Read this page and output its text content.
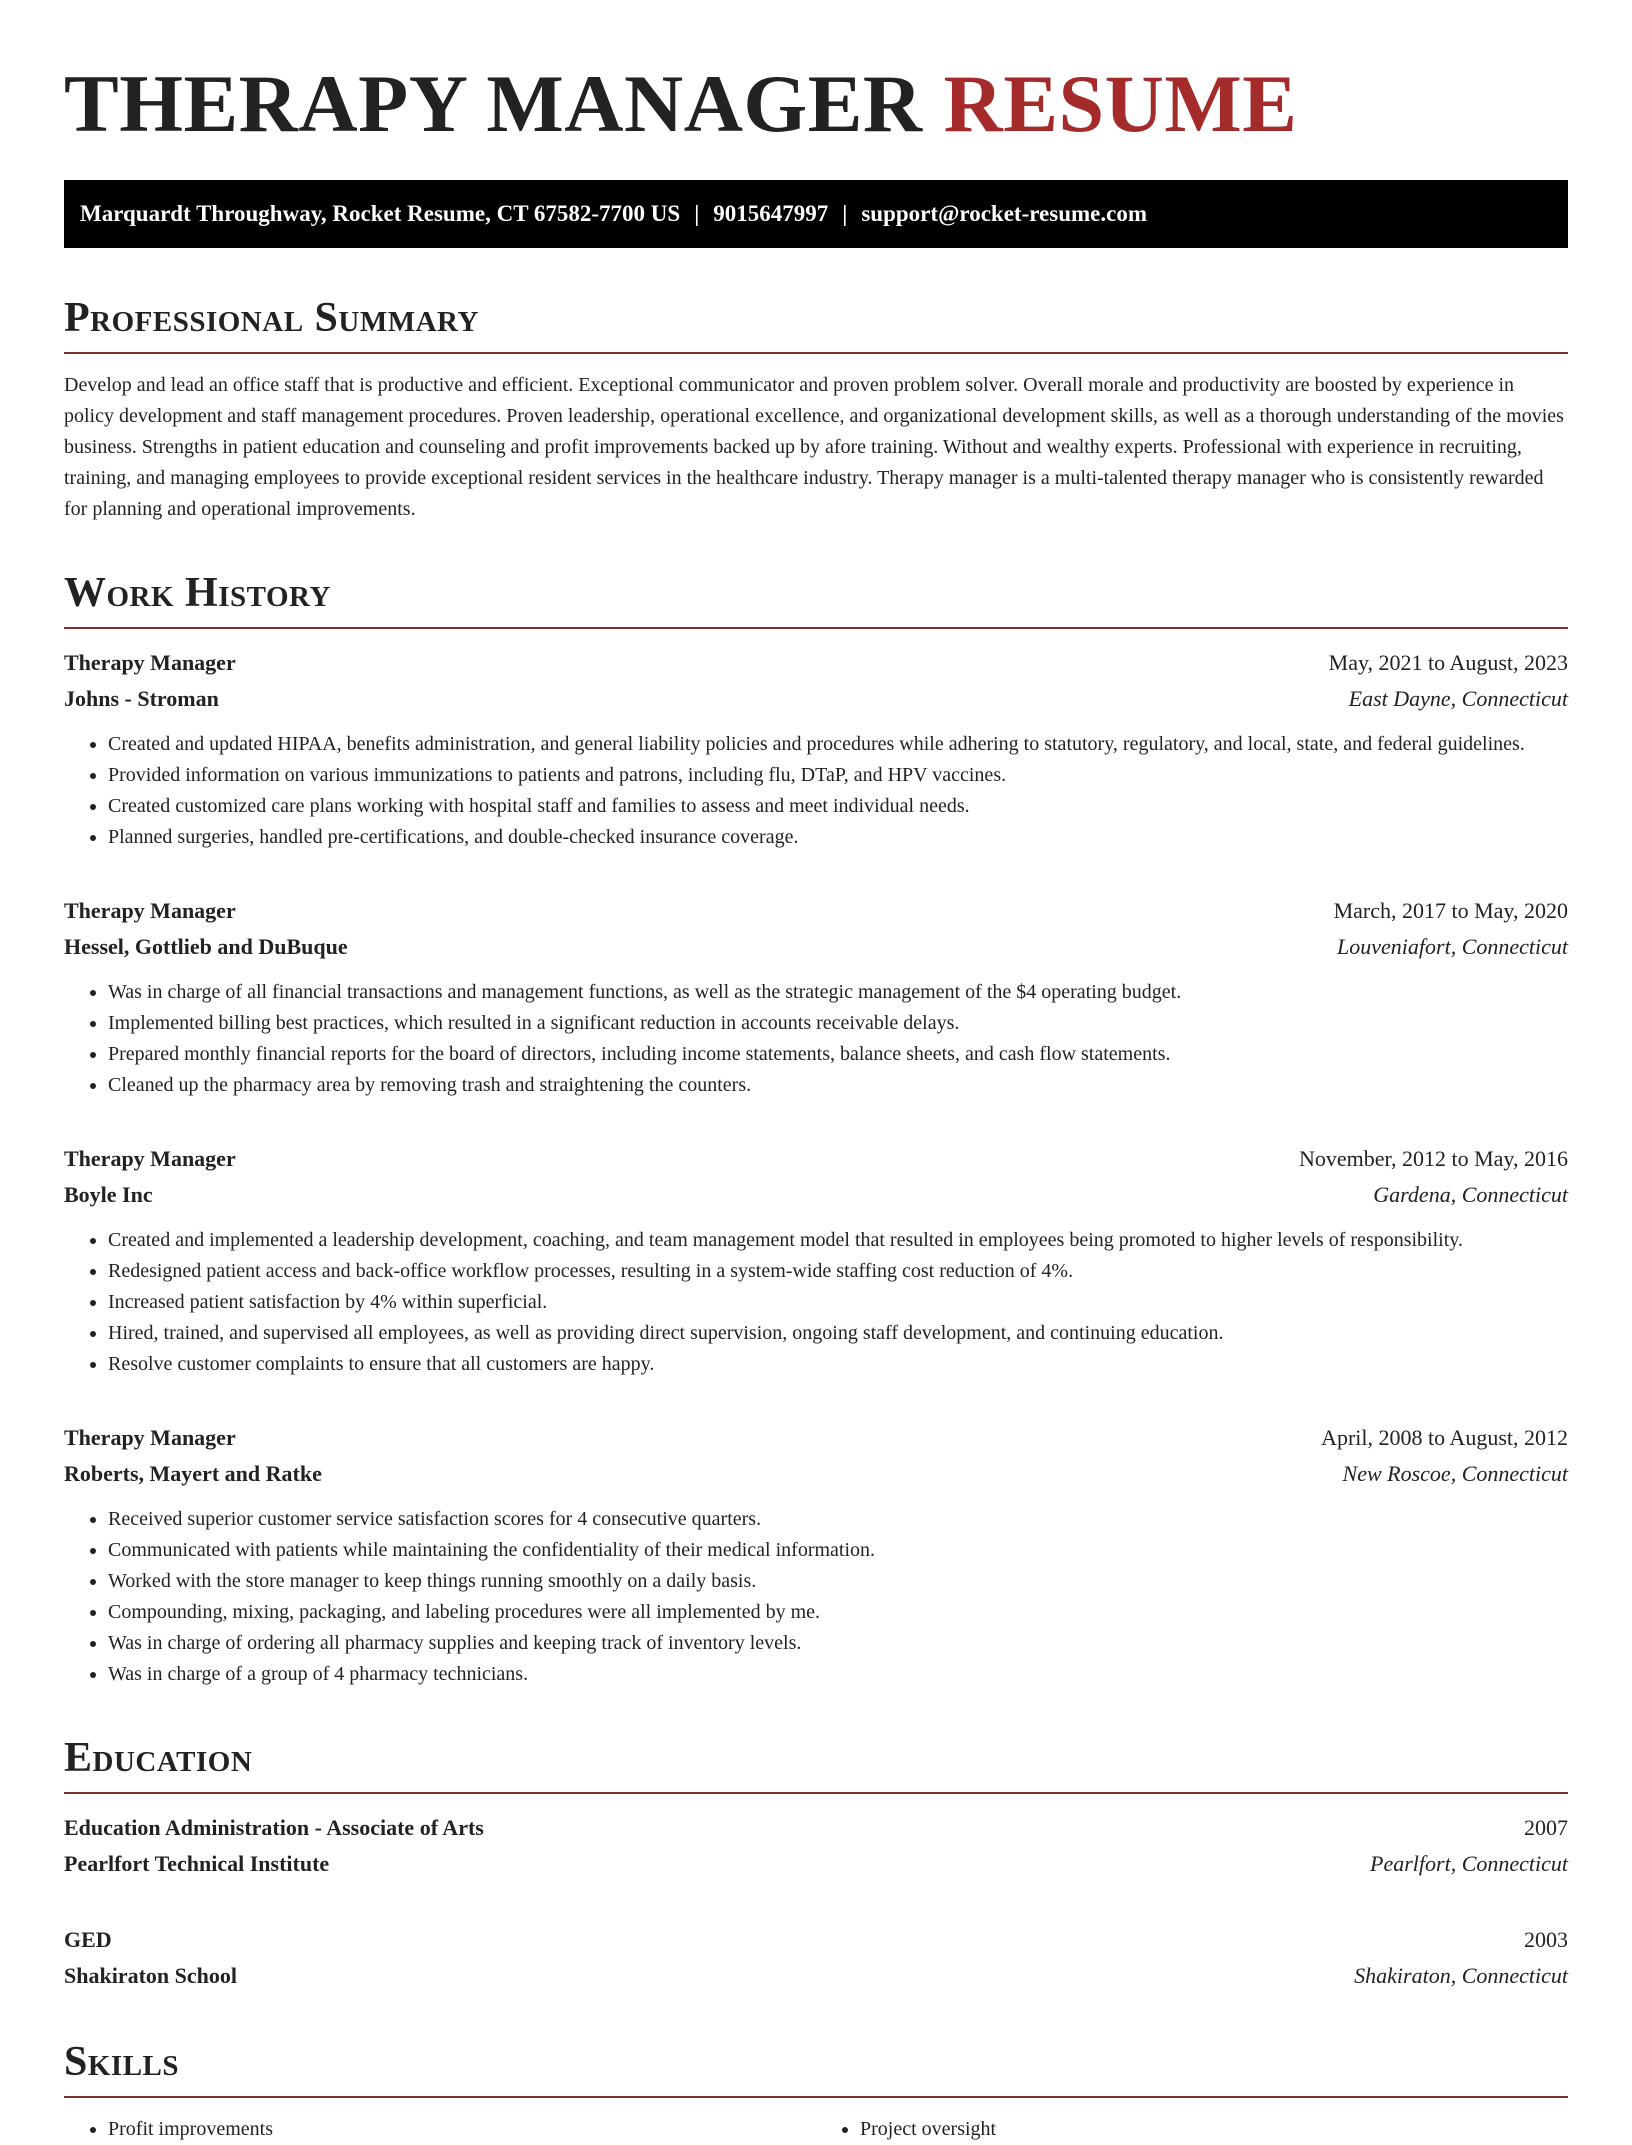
THERAPY MANAGER RESUME
Marquardt Throughway, Rocket Resume, CT 67582-7700 US | 9015647997 | support@rocket-resume.com
Professional Summary

Develop and lead an office staff that is productive and efficient. Exceptional communicator and proven problem solver. Overall morale and productivity are boosted by experience in policy development and staff management procedures. Proven leadership, operational excellence, and organizational development skills, as well as a thorough understanding of the movies business. Strengths in patient education and counseling and profit improvements backed up by afore training. Without and wealthy experts. Professional with experience in recruiting, training, and managing employees to provide exceptional resident services in the healthcare industry. Therapy manager is a multi-talented therapy manager who is consistently rewarded for planning and operational improvements.

Work History
Therapy Manager	May, 2021 to August, 2023
Johns - Stroman	East Dayne, Connecticut
• Created and updated HIPAA, benefits administration, and general liability policies and procedures while adhering to statutory, regulatory, and local, state, and federal guidelines.
• Provided information on various immunizations to patients and patrons, including flu, DTaP, and HPV vaccines.
• Created customized care plans working with hospital staff and families to assess and meet individual needs.
• Planned surgeries, handled pre-certifications, and double-checked insurance coverage.
Therapy Manager	March, 2017 to May, 2020
Hessel, Gottlieb and DuBuque	Louveniafort, Connecticut
• Was in charge of all financial transactions and management functions, as well as the strategic management of the $4 operating budget.
• Implemented billing best practices, which resulted in a significant reduction in accounts receivable delays.
• Prepared monthly financial reports for the board of directors, including income statements, balance sheets, and cash flow statements.
• Cleaned up the pharmacy area by removing trash and straightening the counters.
Therapy Manager	November, 2012 to May, 2016
Boyle Inc	Gardena, Connecticut
• Created and implemented a leadership development, coaching, and team management model that resulted in employees being promoted to higher levels of responsibility.
• Redesigned patient access and back-office workflow processes, resulting in a system-wide staffing cost reduction of 4%.
• Increased patient satisfaction by 4% within superficial.
• Hired, trained, and supervised all employees, as well as providing direct supervision, ongoing staff development, and continuing education.
• Resolve customer complaints to ensure that all customers are happy.
Therapy Manager	April, 2008 to August, 2012
Roberts, Mayert and Ratke	New Roscoe, Connecticut
• Received superior customer service satisfaction scores for 4 consecutive quarters.
• Communicated with patients while maintaining the confidentiality of their medical information.
• Worked with the store manager to keep things running smoothly on a daily basis.
• Compounding, mixing, packaging, and labeling procedures were all implemented by me.
• Was in charge of ordering all pharmacy supplies and keeping track of inventory levels.
• Was in charge of a group of 4 pharmacy technicians.
Education
Education Administration - Associate of Arts	2007
Pearlfort Technical Institute	Pearlfort, Connecticut
GED	2003
Shakiraton School	Shakiraton, Connecticut
Skills
• Profit improvements
•	Project oversight
